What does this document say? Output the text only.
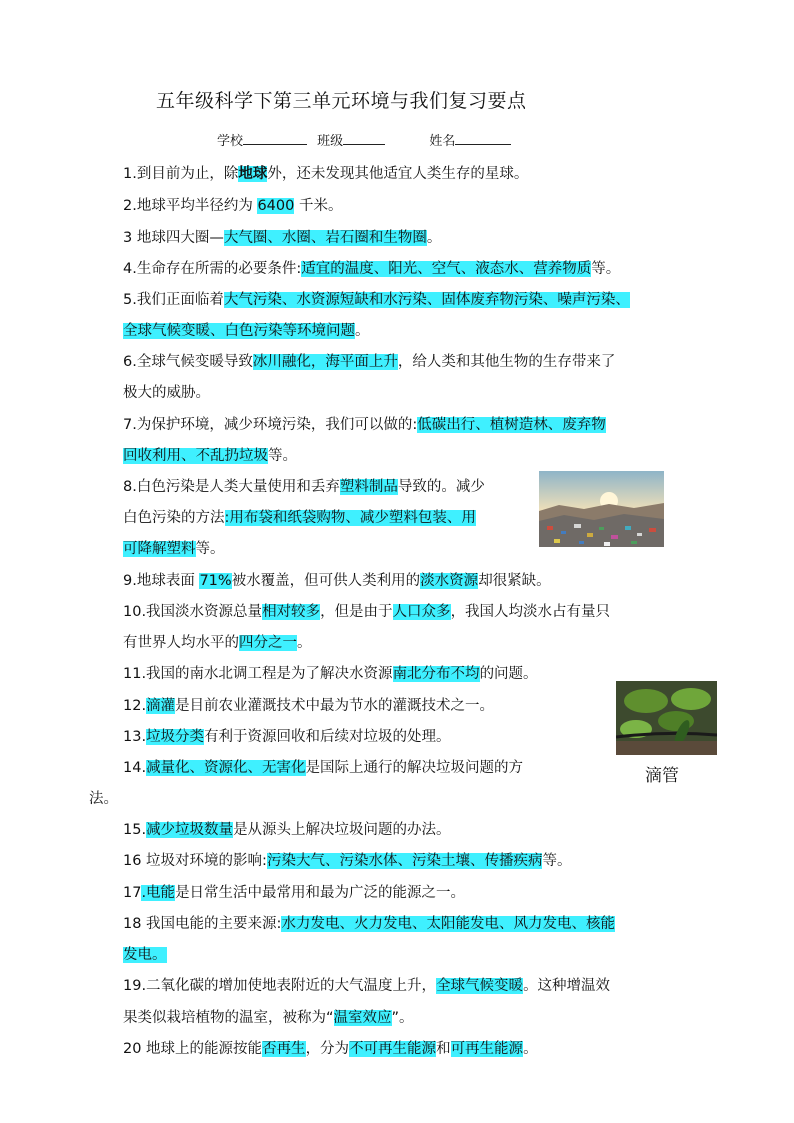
五年级科学下第三单元环境与我们复习要点
学校	班级	姓名
1.到目前为止，除地球外，还未发现其他适宜人类生存的星球。
2.地球平均半径约为 6400 千米。
3 地球四大圈—大气圈、水圈、岩石圈和生物圈。
4.生命存在所需的必要条件:适宜的温度、阳光、空气、液态水、营养物质等。
5.我们正面临着大气污染、水资源短缺和水污染、固体废弃物污染、噪声污染、
全球气候变暖、白色污染等环境问题。
6.全球气候变暖导致冰川融化，海平面上升，给人类和其他生物的生存带来了
极大的威胁。
7.为保护环境，减少环境污染，我们可以做的:低碳出行、植树造林、废弃物
回收利用、不乱扔垃圾等。
8.白色污染是人类大量使用和丢弃塑料制品导致的。减少
白色污染的方法:用布袋和纸袋购物、减少塑料包装、用
可降解塑料等。
9.地球表面 71%被水覆盖，但可供人类利用的淡水资源却很紧缺。
10.我国淡水资源总量相对较多，但是由于人口众多，我国人均淡水占有量只
有世界人均水平的四分之一。
11.我国的南水北调工程是为了解决水资源南北分布不均的问题。
12.滴灌是目前农业灌溉技术中最为节水的灌溉技术之一。
13.垃圾分类有利于资源回收和后续对垃圾的处理。
14.减量化、资源化、无害化是国际上通行的解决垃圾问题的方
法。
滴管
15.减少垃圾数量是从源头上解决垃圾问题的办法。
16 垃圾对环境的影响:污染大气、污染水体、污染土壤、传播疾病等。
17.电能是日常生活中最常用和最为广泛的能源之一。
18 我国电能的主要来源:水力发电、火力发电、太阳能发电、风力发电、核能
发电。
19.二氧化碳的增加使地表附近的大气温度上升，全球气候变暖。这种增温效
果类似栽培植物的温室，被称为“温室效应”。
20 地球上的能源按能否再生，分为不可再生能源和可再生能源。
